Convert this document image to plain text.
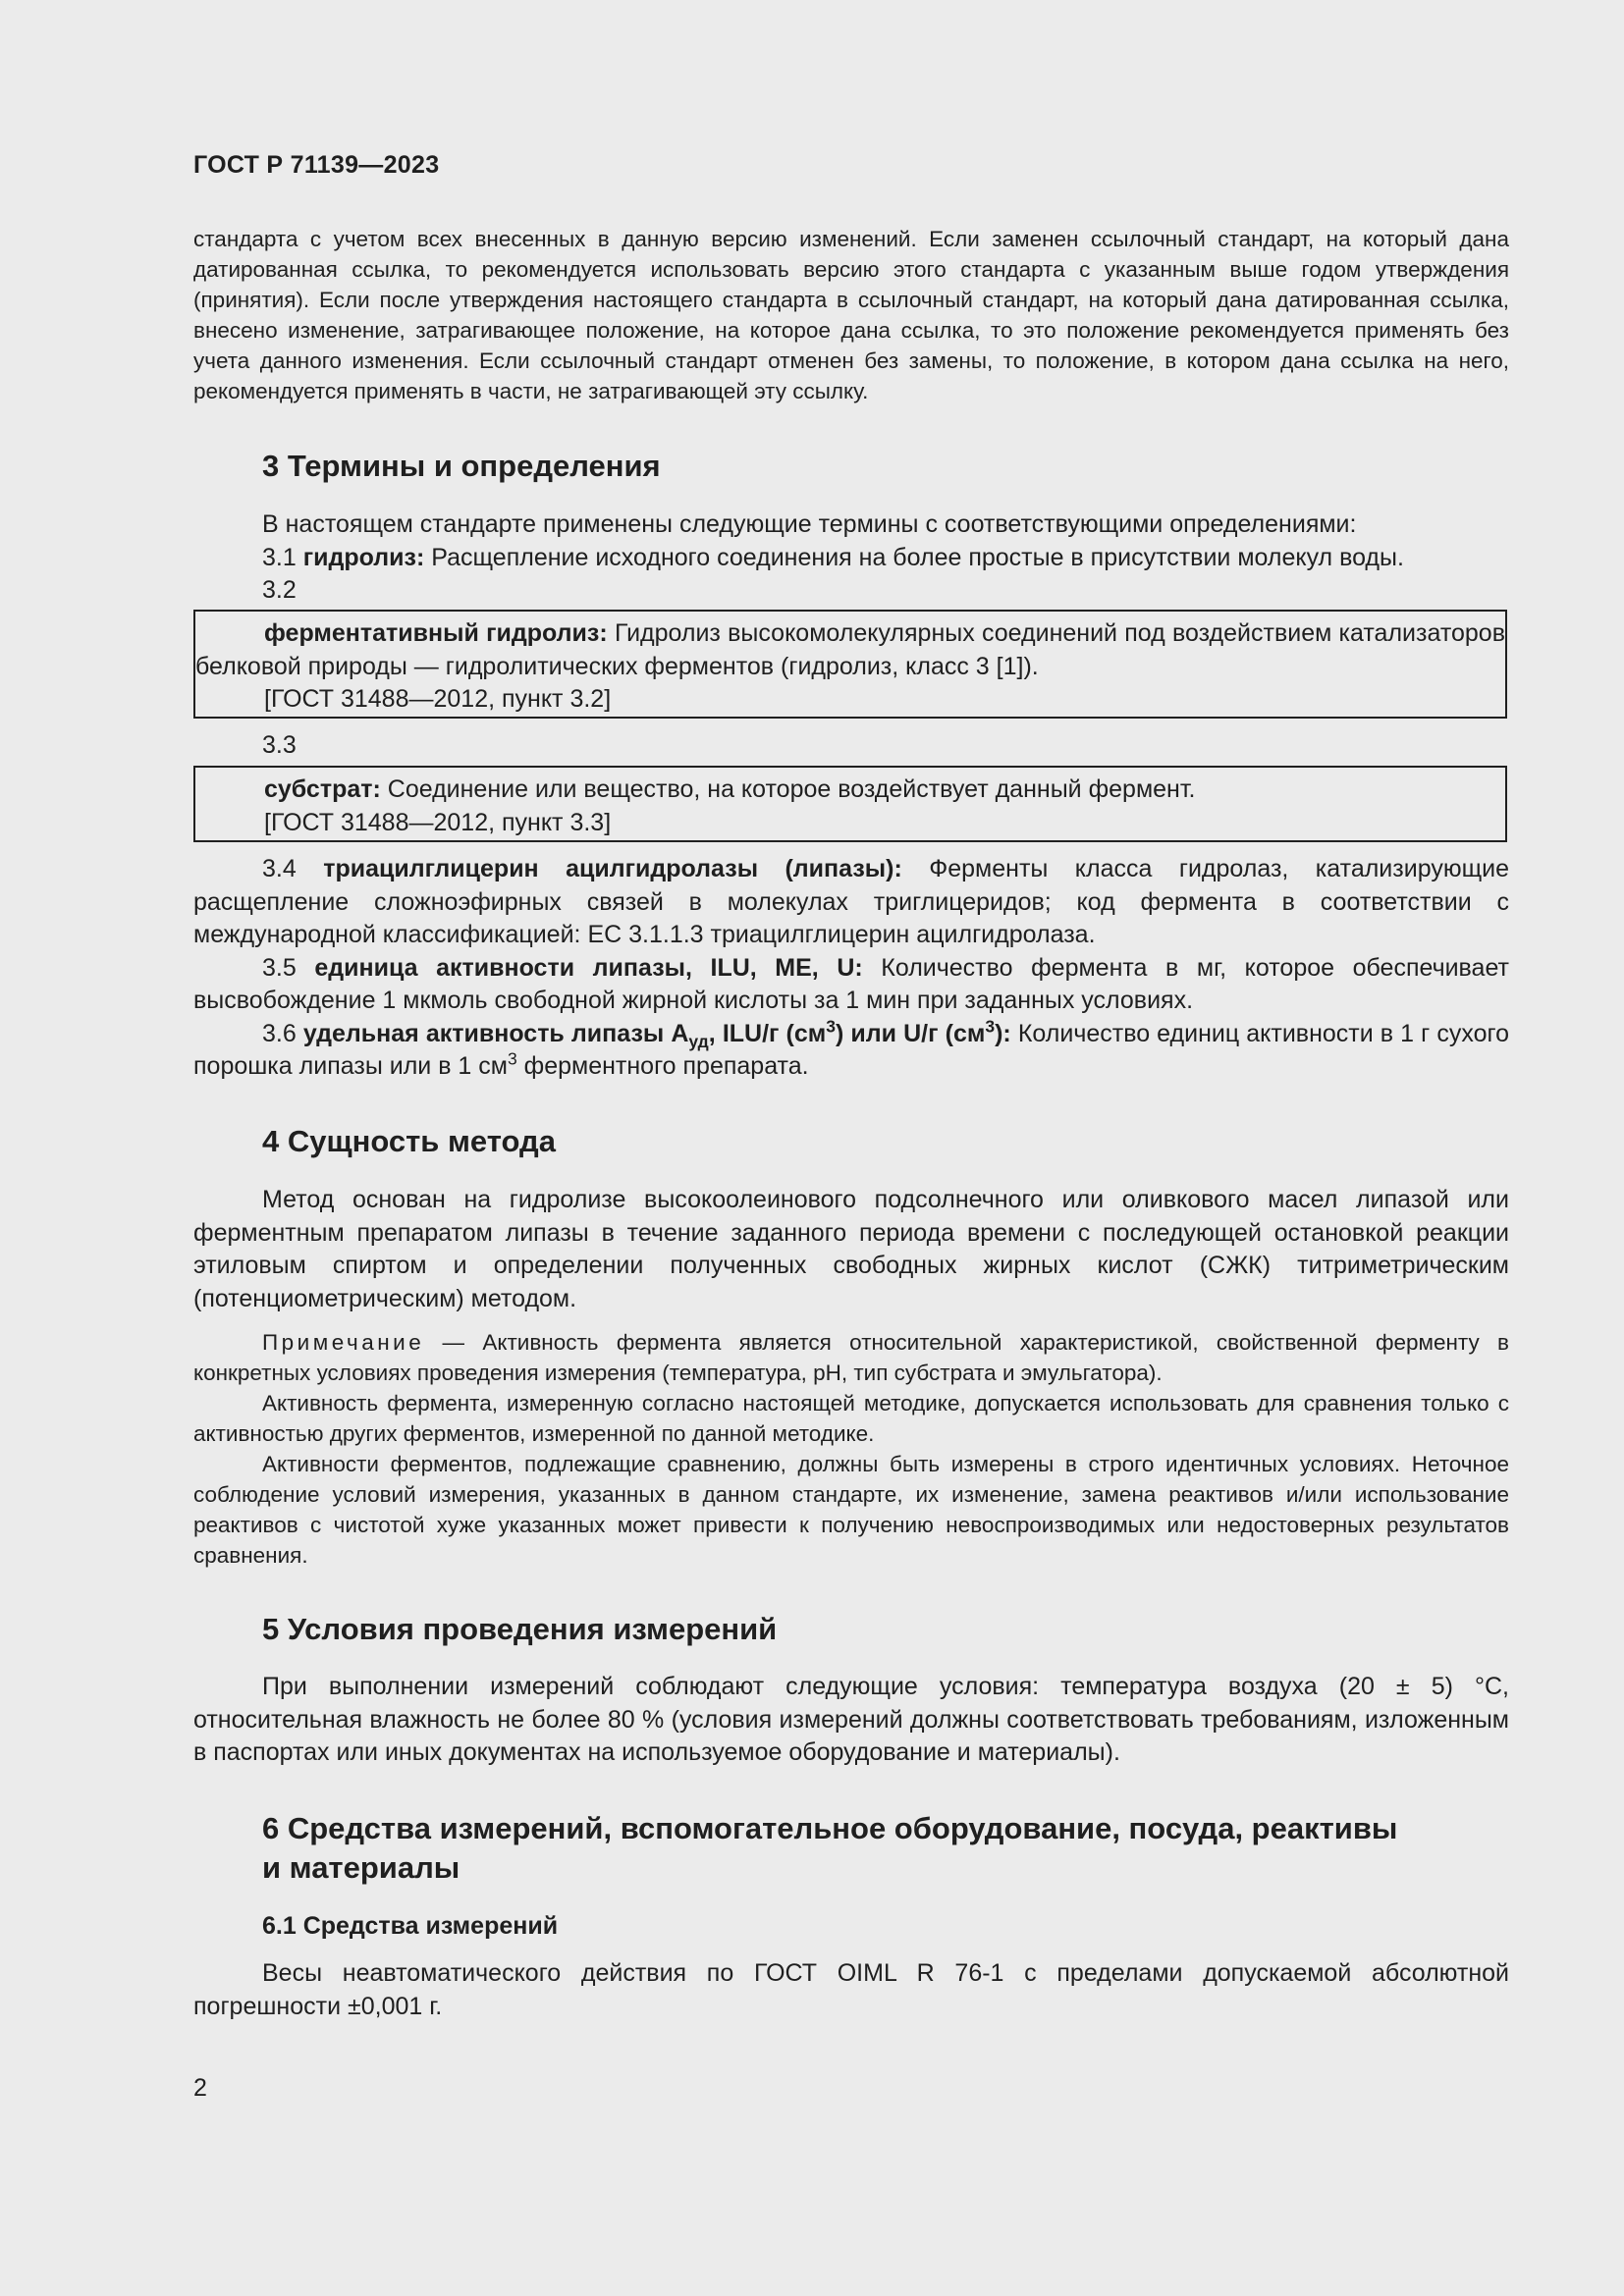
ГОСТ Р 71139—2023

стандарта с учетом всех внесенных в данную версию изменений. Если заменен ссылочный стандарт, на который дана датированная ссылка, то рекомендуется использовать версию этого стандарта с указанным выше годом утверждения (принятия). Если после утверждения настоящего стандарта в ссылочный стандарт, на который дана датированная ссылка, внесено изменение, затрагивающее положение, на которое дана ссылка, то это положение рекомендуется применять без учета данного изменения. Если ссылочный стандарт отменен без замены, то положение, в котором дана ссылка на него, рекомендуется применять в части, не затрагивающей эту ссылку.

3 Термины и определения

В настоящем стандарте применены следующие термины с соответствующими определениями:

3.1 гидролиз: Расщепление исходного соединения на более простые в присутствии молекул воды.

3.2

ферментативный гидролиз: Гидролиз высокомолекулярных соединений под воздействием катализаторов белковой природы — гидролитических ферментов (гидролиз, класс 3 [1]).

[ГОСТ 31488—2012, пункт 3.2]

3.3

субстрат: Соединение или вещество, на которое воздействует данный фермент.

[ГОСТ 31488—2012, пункт 3.3]

3.4 триацилглицерин ацилгидролазы (липазы): Ферменты класса гидролаз, катализирующие расщепление сложноэфирных связей в молекулах триглицеридов; код фермента в соответствии с международной классификацией: ЕС 3.1.1.3 триацилглицерин ацилгидролаза.

3.5 единица активности липазы, ILU, МЕ, U: Количество фермента в мг, которое обеспечивает высвобождение 1 мкмоль свободной жирной кислоты за 1 мин при заданных условиях.

3.6 удельная активность липазы $А_{уд}$, ILU/г $(см^3)$ или U/г $(см^3)$: Количество единиц активности в 1 г сухого порошка липазы или в 1 $см^3$ ферментного препарата.

4 Сущность метода

Метод основан на гидролизе высокоолеинового подсолнечного или оливкового масел липазой или ферментным препаратом липазы в течение заданного периода времени с последующей остановкой реакции этиловым спиртом и определении полученных свободных жирных кислот (СЖК) титриметрическим (потенциометрическим) методом.

Примечание — Активность фермента является относительной характеристикой, свойственной ферменту в конкретных условиях проведения измерения (температура, рН, тип субстрата и эмульгатора).

Активность фермента, измеренную согласно настоящей методике, допускается использовать для сравнения только с активностью других ферментов, измеренной по данной методике.

Активности ферментов, подлежащие сравнению, должны быть измерены в строго идентичных условиях. Неточное соблюдение условий измерения, указанных в данном стандарте, их изменение, замена реактивов и/или использование реактивов с чистотой хуже указанных может привести к получению невоспроизводимых или недостоверных результатов сравнения.

5 Условия проведения измерений

При выполнении измерений соблюдают следующие условия: температура воздуха (20 ± 5) °С, относительная влажность не более 80 % (условия измерений должны соответствовать требованиям, изложенным в паспортах или иных документах на используемое оборудование и материалы).

6 Средства измерений, вспомогательное оборудование, посуда, реактивы
и материалы
6.1 Средства измерений

Весы неавтоматического действия по ГОСТ OIML R 76-1 с пределами допускаемой абсолютной погрешности ±0,001 г.

2
